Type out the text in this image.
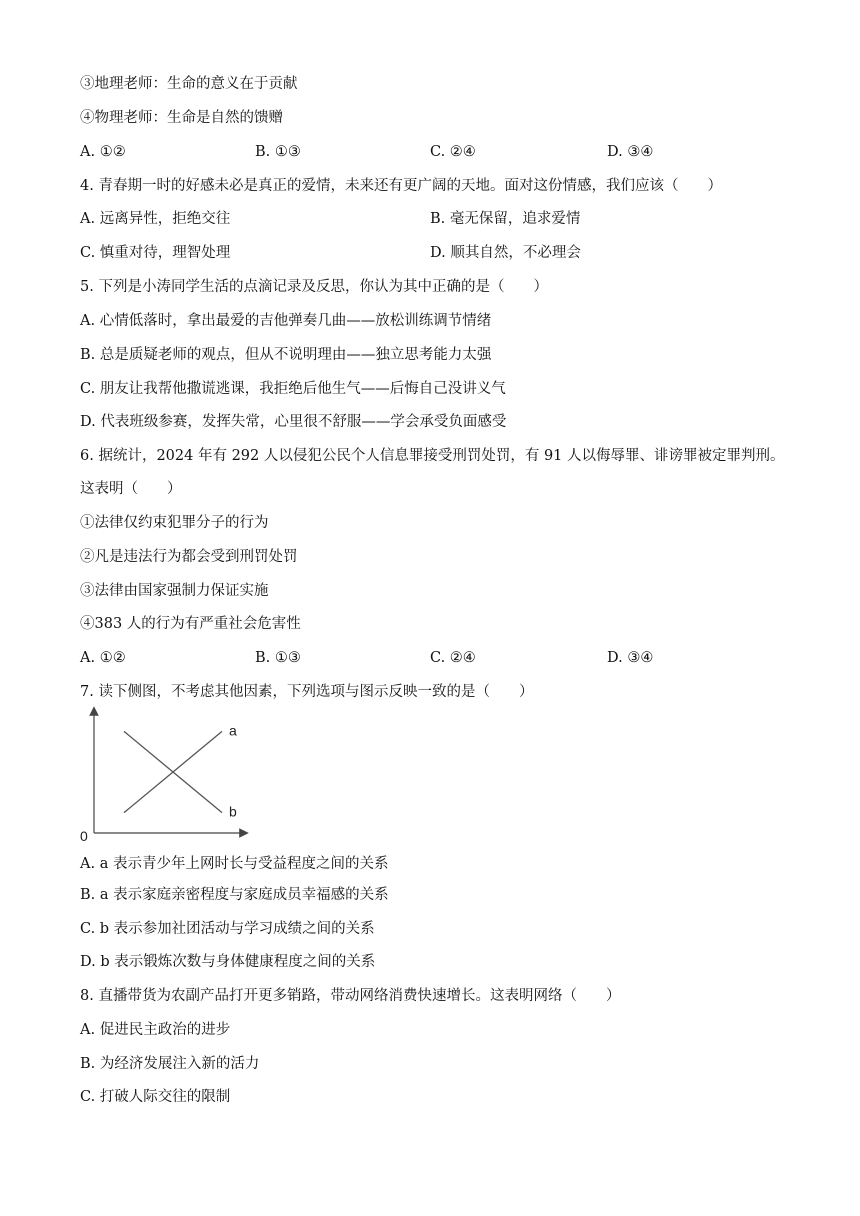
③地理老师：生命的意义在于贡献
④物理老师：生命是自然的馈赠
A. ①②	B. ①③	C. ②④	D. ③④
4. 青春期一时的好感未必是真正的爱情，未来还有更广阔的天地。面对这份情感，我们应该（　　）
A. 远离异性，拒绝交往	B. 毫无保留，追求爱情
C. 慎重对待，理智处理	D. 顺其自然，不必理会
5. 下列是小涛同学生活的点滴记录及反思，你认为其中正确的是（　　）
A. 心情低落时，拿出最爱的吉他弹奏几曲——放松训练调节情绪
B. 总是质疑老师的观点，但从不说明理由——独立思考能力太强
C. 朋友让我帮他撒谎逃课，我拒绝后他生气——后悔自己没讲义气
D. 代表班级参赛，发挥失常，心里很不舒服——学会承受负面感受
6. 据统计，2024 年有 292 人以侵犯公民个人信息罪接受刑罚处罚，有 91 人以侮辱罪、诽谤罪被定罪判刑。
这表明（　　）
①法律仅约束犯罪分子的行为
②凡是违法行为都会受到刑罚处罚
③法律由国家强制力保证实施
④383 人的行为有严重社会危害性
A. ①②	B. ①③	C. ②④	D. ③④
7. 读下侧图，不考虑其他因素，下列选项与图示反映一致的是（　　）
0
a
b
A. a 表示青少年上网时长与受益程度之间的关系
B. a 表示家庭亲密程度与家庭成员幸福感的关系
C. b 表示参加社团活动与学习成绩之间的关系
D. b 表示锻炼次数与身体健康程度之间的关系
8. 直播带货为农副产品打开更多销路，带动网络消费快速增长。这表明网络（　　）
A. 促进民主政治的进步
B. 为经济发展注入新的活力
C. 打破人际交往的限制
